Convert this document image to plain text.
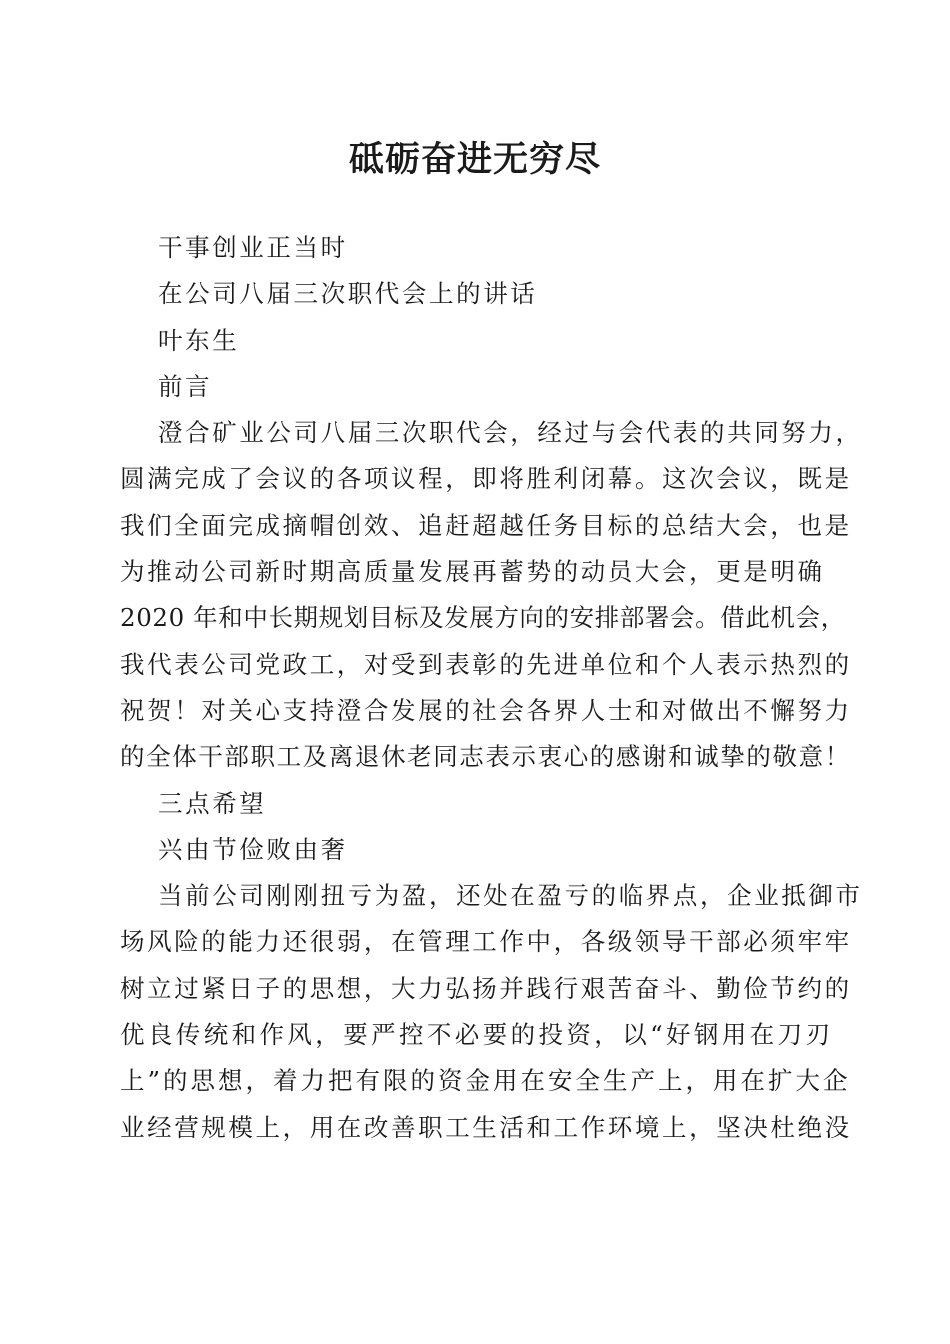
砥砺奋进无穷尽
干事创业正当时
在公司八届三次职代会上的讲话
叶东生
前言
澄合矿业公司八届三次职代会，经过与会代表的共同努力，
圆满完成了会议的各项议程，即将胜利闭幕。这次会议，既是
我们全面完成摘帽创效、追赶超越任务目标的总结大会，也是
为推动公司新时期高质量发展再蓄势的动员大会，更是明确
2020 年和中长期规划目标及发展方向的安排部署会。借此机会，
我代表公司党政工，对受到表彰的先进单位和个人表示热烈的
祝贺！对关心支持澄合发展的社会各界人士和对做出不懈努力
的全体干部职工及离退休老同志表示衷心的感谢和诚挚的敬意！
三点希望
兴由节俭败由奢
当前公司刚刚扭亏为盈，还处在盈亏的临界点，企业抵御市
场风险的能力还很弱，在管理工作中，各级领导干部必须牢牢
树立过紧日子的思想，大力弘扬并践行艰苦奋斗、勤俭节约的
优良传统和作风，要严控不必要的投资，以“好钢用在刀刃
上”的思想，着力把有限的资金用在安全生产上，用在扩大企
业经营规模上，用在改善职工生活和工作环境上，坚决杜绝没
